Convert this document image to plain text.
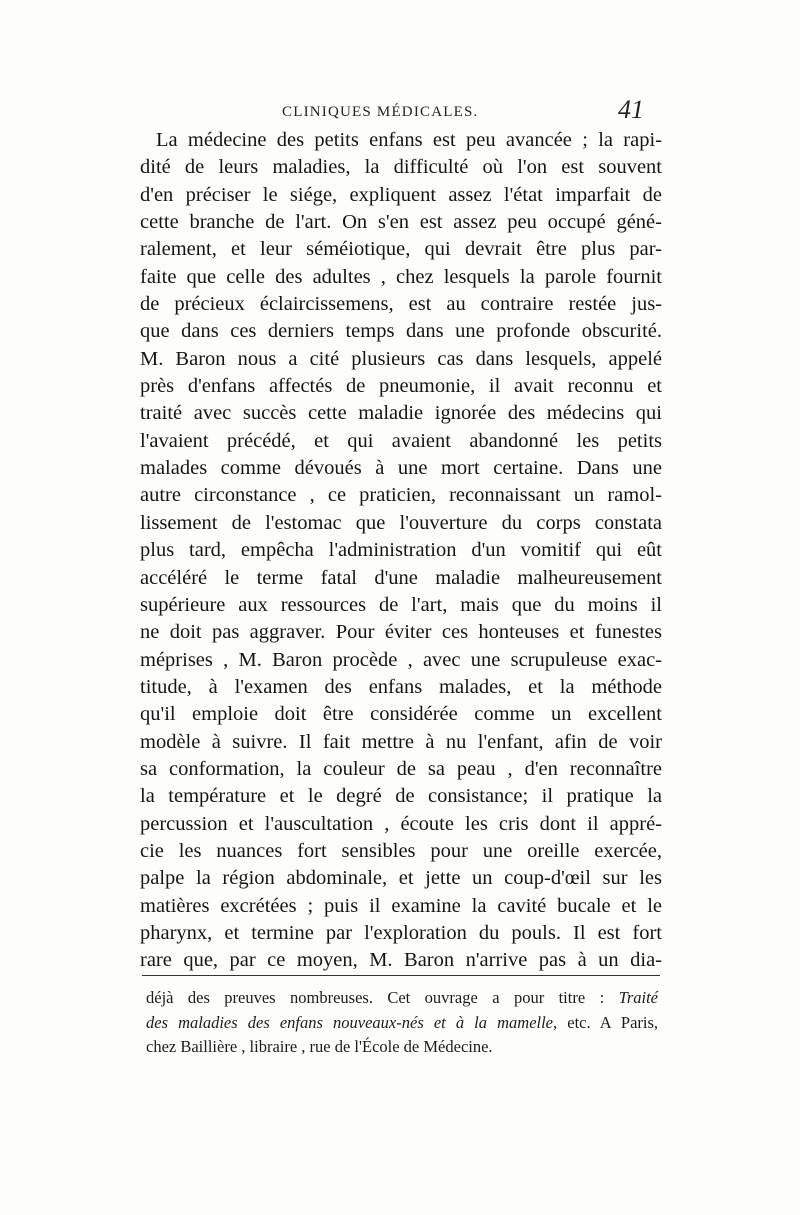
CLINIQUES MÉDICALES.	41
La médecine des petits enfans est peu avancée ; la rapi-
dité de leurs maladies, la difficulté où l'on est souvent
d'en préciser le siége, expliquent assez l'état imparfait de
cette branche de l'art. On s'en est assez peu occupé géné-
ralement, et leur séméiotique, qui devrait être plus par-
faite que celle des adultes , chez lesquels la parole fournit
de précieux éclaircissemens, est au contraire restée jus-
que dans ces derniers temps dans une profonde obscurité.
M. Baron nous a cité plusieurs cas dans lesquels, appelé
près d'enfans affectés de pneumonie, il avait reconnu et
traité avec succès cette maladie ignorée des médecins qui
l'avaient précédé, et qui avaient abandonné les petits
malades comme dévoués à une mort certaine. Dans une
autre circonstance , ce praticien, reconnaissant un ramol-
lissement de l'estomac que l'ouverture du corps constata
plus tard, empêcha l'administration d'un vomitif qui eût
accéléré le terme fatal d'une maladie malheureusement
supérieure aux ressources de l'art, mais que du moins il
ne doit pas aggraver. Pour éviter ces honteuses et funestes
méprises , M. Baron procède , avec une scrupuleuse exac-
titude, à l'examen des enfans malades, et la méthode
qu'il emploie doit être considérée comme un excellent
modèle à suivre. Il fait mettre à nu l'enfant, afin de voir
sa conformation, la couleur de sa peau , d'en reconnaître
la température et le degré de consistance; il pratique la
percussion et l'auscultation , écoute les cris dont il appré-
cie les nuances fort sensibles pour une oreille exercée,
palpe la région abdominale, et jette un coup-d'œil sur les
matières excrétées ; puis il examine la cavité bucale et le
pharynx, et termine par l'exploration du pouls. Il est fort
rare que, par ce moyen, M. Baron n'arrive pas à un dia-
déjà des preuves nombreuses. Cet ouvrage a pour titre : Traité
des maladies des enfans nouveaux-nés et à la mamelle, etc. A Paris,
chez Baillière , libraire , rue de l'École de Médecine.
